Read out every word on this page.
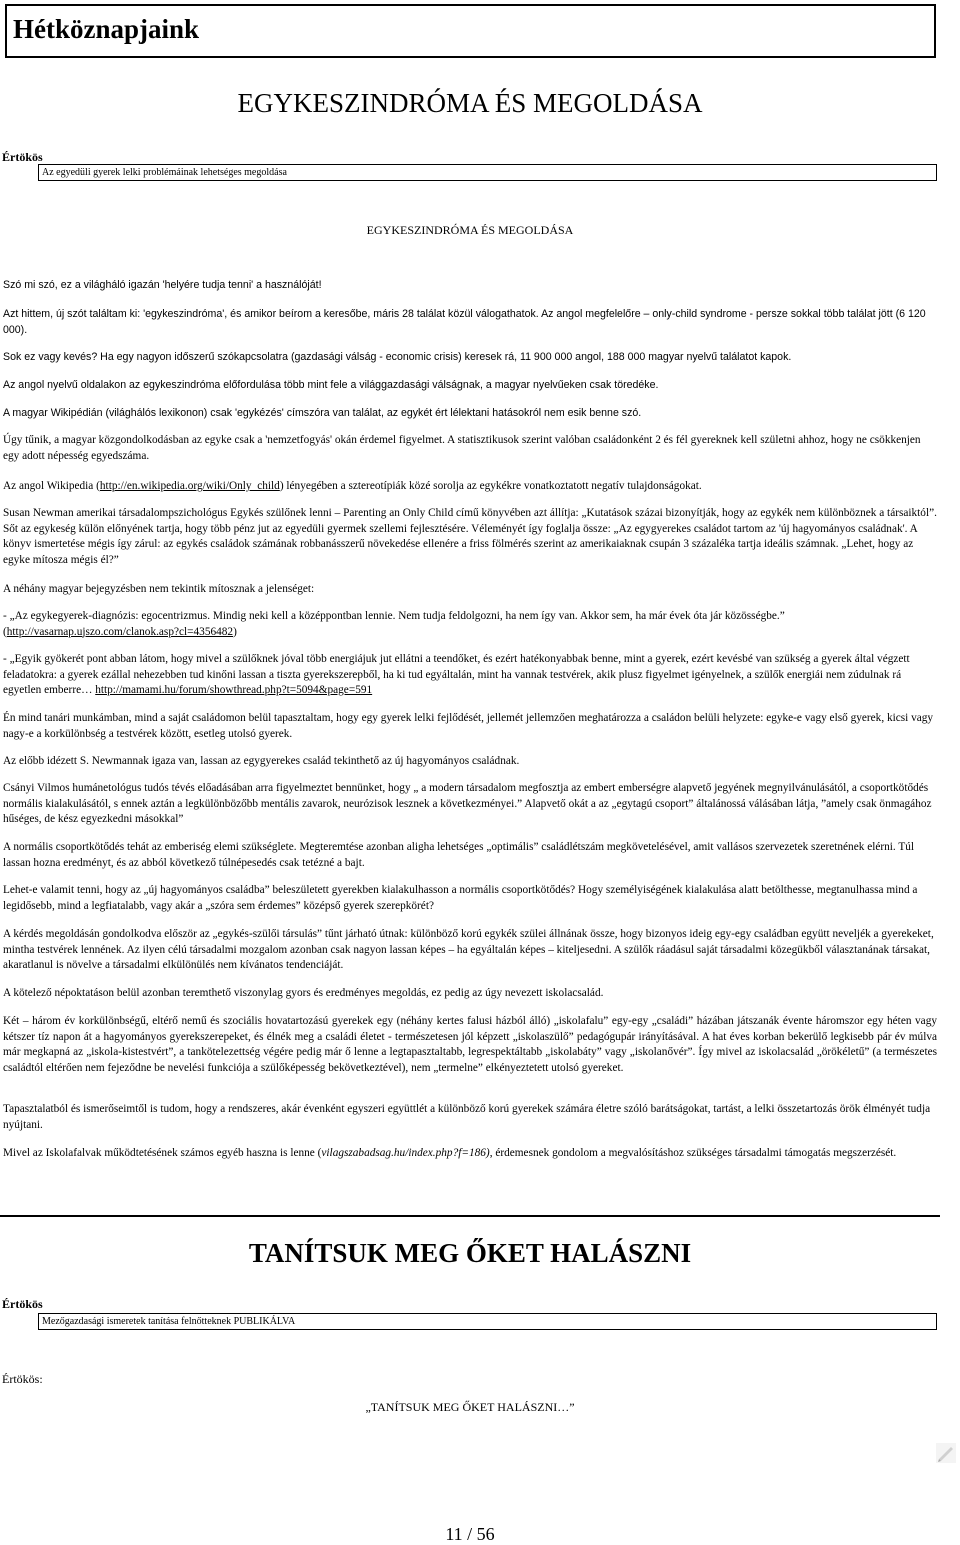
Hétköznapjaink
EGYKESZINDRÓMA ÉS MEGOLDÁSA
Értökös
Az egyedüli gyerek lelki problémáinak lehetséges megoldása
EGYKESZINDRÓMA ÉS MEGOLDÁSA
Szó mi szó, ez a világháló igazán 'helyére tudja tenni' a használóját!
Azt hittem, új szót találtam ki: 'egykeszindróma', és amikor beírom a keresőbe, máris 28 találat közül válogathatok. Az angol megfelelőre – only-child syndrome - persze sokkal több találat jött (6 120 000).
Sok ez vagy kevés? Ha egy nagyon időszerű szókapcsolatra (gazdasági válság - economic crisis) keresek rá, 11 900 000 angol, 188 000 magyar nyelvű találatot kapok.
Az angol nyelvű oldalakon az egykeszindróma előfordulása több mint fele a világgazdasági válságnak, a magyar nyelvűeken csak töredéke.
A magyar Wikipédián (világhálós lexikonon) csak 'egykézés' címszóra van találat, az egykét ért lélektani hatásokról nem esik benne szó.
Úgy tűnik, a magyar közgondolkodásban az egyke csak a 'nemzetfogyás' okán érdemel figyelmet. A statisztikusok szerint valóban családonként 2 és fél gyereknek kell születni ahhoz, hogy ne csökkenjen egy adott népesség egyedszáma.
Az angol Wikipedia (http://en.wikipedia.org/wiki/Only_child) lényegében a sztereotípiák közé sorolja az egykékre vonatkoztatott negatív tulajdonságokat.
Susan Newman amerikai társadalompszichológus Egykés szülőnek lenni – Parenting an Only Child című könyvében azt állítja: „Kutatások százai bizonyítják, hogy az egykék nem különböznek a társaiktól”. Sőt az egykeség külön előnyének tartja, hogy több pénz jut az egyedüli gyermek szellemi fejlesztésére. Véleményét így foglalja össze: „Az egygyerekes családot tartom az 'új hagyományos családnak'. A könyv ismertetése mégis így zárul: az egykés családok számának robbanásszerű növekedése ellenére a friss fölmérés szerint az amerikaiaknak csupán 3 százaléka tartja ideális számnak. „Lehet, hogy az egyke mítosza mégis él?”
A néhány magyar bejegyzésben nem tekintik mítosznak a jelenséget:
- „Az egykegyerek-diagnózis: egocentrizmus. Mindig neki kell a középpontban lennie. Nem tudja feldolgozni, ha nem így van. Akkor sem, ha már évek óta jár közösségbe.” (http://vasarnap.ujszo.com/clanok.asp?cl=4356482)
- „Egyik gyökerét pont abban látom, hogy mivel a szülőknek jóval több energiájuk jut ellátni a teendőket, és ezért hatékonyabbak benne, mint a gyerek, ezért kevésbé van szükség a gyerek által végzett feladatokra: a gyerek ezállal nehezebben tud kinőni lassan a tiszta gyerekszerepből, ha ki tud egyáltalán, mint ha vannak testvérek, akik plusz figyelmet igényelnek, a szülők energiái nem zúdulnak rá egyetlen emberre… http://mamami.hu/forum/showthread.php?t=5094&page=591
Én mind tanári munkámban, mind a saját családomon belül tapasztaltam, hogy egy gyerek lelki fejlődését, jellemét jellemzően meghatározza a családon belüli helyzete: egyke-e vagy első gyerek, kicsi vagy nagy-e a korkülönbség a testvérek között, esetleg utolsó gyerek.
Az előbb idézett S. Newmannak igaza van, lassan az egygyerekes család tekinthető az új hagyományos családnak.
Csányi Vilmos humánetológus tudós tévés előadásában arra figyelmeztet bennünket, hogy „ a modern társadalom megfosztja az embert emberségre alapvető jegyének megnyilvánulásától, a csoportkötődés normális kialakulásától, s ennek aztán a legkülönbözőbb mentális zavarok, neurózisok lesznek a következményei.” Alapvető okát a az „egytagú csoport” általánossá válásában látja, ”amely csak önmagához hűséges, de kész egyezkedni másokkal”
A normális csoportkötődés tehát az emberiség elemi szükséglete. Megteremtése azonban aligha lehetséges „optimális” családlétszám megkövetelésével, amit vallásos szervezetek szeretnének elérni. Túl lassan hozna eredményt, és az abból következő túlnépesedés csak tetézné a bajt.
Lehet-e valamit tenni, hogy az „új hagyományos családba” beleszületett gyerekben kialakulhasson a normális csoportkötődés? Hogy személyiségének kialakulása alatt betölthesse, megtanulhassa mind a legidősebb, mind a legfiatalabb, vagy akár a „szóra sem érdemes” középső gyerek szerepkörét?
A kérdés megoldásán gondolkodva először az „egykés-szülői társulás” tűnt járható útnak: különböző korú egykék szülei állnának össze, hogy bizonyos ideig egy-egy családban együtt neveljék a gyerekeket, mintha testvérek lennének. Az ilyen célú társadalmi mozgalom azonban csak nagyon lassan képes – ha egyáltalán képes – kiteljesedni. A szülők ráadásul saját társadalmi közegükből választanának társakat, akaratlanul is növelve a társadalmi elkülönülés nem kívánatos tendenciáját.
A kötelező népoktatáson belül azonban teremthető viszonylag gyors és eredményes megoldás, ez pedig az úgy nevezett iskolacsalád.
Két – három év korkülönbségű, eltérő nemű és szociális hovatartozású gyerekek egy (néhány kertes falusi házból álló) „iskolafalu” egy-egy „családi” házában játszanák évente háromszor egy héten vagy kétszer tíz napon át a hagyományos gyerekszerepeket, és élnék meg a családi életet - természetesen jól képzett „iskolaszülő” pedagógupár irányításával. A hat éves korban bekerülő legkisebb pár év múlva már megkapná az „iskola-kistestvért”, a tankötelezettség végére pedig már ő lenne a legtapasztaltabb, legrespektáltabb „iskolabáty” vagy „iskolanővér”. Így mivel az iskolacsalád „örökéletű” (a természetes családtól eltérően nem fejeződne be nevelési funkciója a szülőképesség bekövetkeztével), nem „termelne” elkényeztetett utolsó gyereket.
Tapasztalatból és ismerőseimtől is tudom, hogy a rendszeres, akár évenként egyszeri együttlét a különböző korú gyerekek számára életre szóló barátságokat, tartást, a lelki összetartozás örök élményét tudja nyújtani.
Mivel az Iskolafalvak működtetésének számos egyéb haszna is lenne (vilagszabadsag.hu/index.php?f=186), érdemesnek gondolom a megvalósításhoz szükséges társadalmi támogatás megszerzését.
TANÍTSUK MEG ŐKET HALÁSZNI
Értökös
Mezőgazdasági ismeretek tanítása felnőtteknek PUBLIKÁLVA
Értökös:
„TANÍTSUK MEG ŐKET HALÁSZNI…”
11 / 56
